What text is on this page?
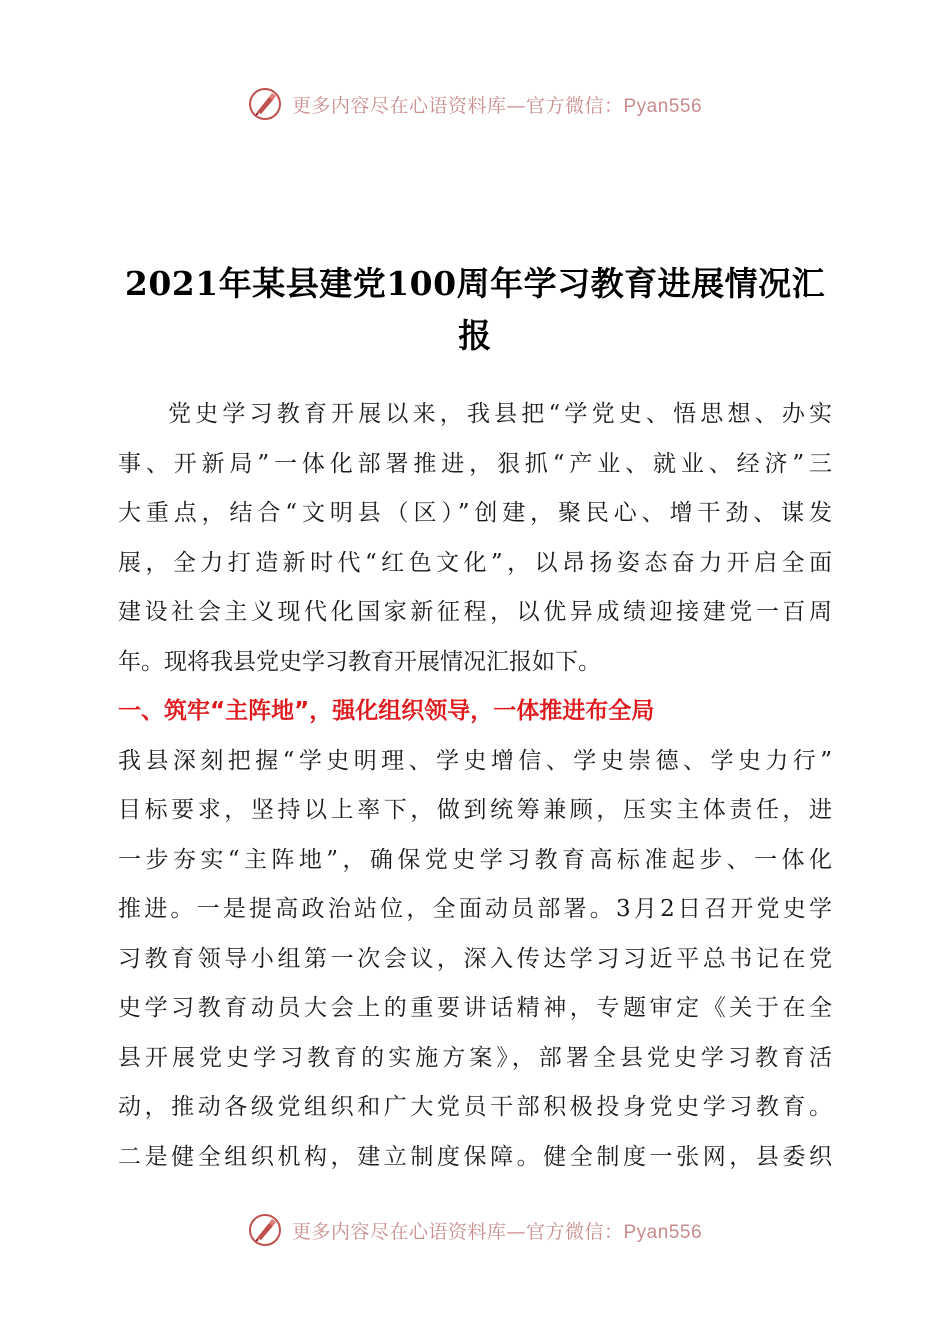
更多内容尽在心语资料库—官方微信：Pyan556
2021年某县建党100周年学习教育进展情况汇报
党史学习教育开展以来，我县把“学党史、悟思想、办实
事、开新局”一体化部署推进，狠抓“产业、就业、经济”三
大重点，结合“文明县（区）”创建，聚民心、增干劲、谋发
展，全力打造新时代“红色文化”，以昂扬姿态奋力开启全面
建设社会主义现代化国家新征程，以优异成绩迎接建党一百周
年。现将我县党史学习教育开展情况汇报如下。
一、筑牢“主阵地”，强化组织领导，一体推进布全局
我县深刻把握“学史明理、学史增信、学史崇德、学史力行”
目标要求，坚持以上率下，做到统筹兼顾，压实主体责任，进
一步夯实“主阵地”，确保党史学习教育高标准起步、一体化
推进。一是提高政治站位，全面动员部署。3月2日召开党史学
习教育领导小组第一次会议，深入传达学习习近平总书记在党
史学习教育动员大会上的重要讲话精神，专题审定《关于在全
县开展党史学习教育的实施方案》，部署全县党史学习教育活
动，推动各级党组织和广大党员干部积极投身党史学习教育。
二是健全组织机构，建立制度保障。健全制度一张网，县委织
更多内容尽在心语资料库—官方微信：Pyan556
